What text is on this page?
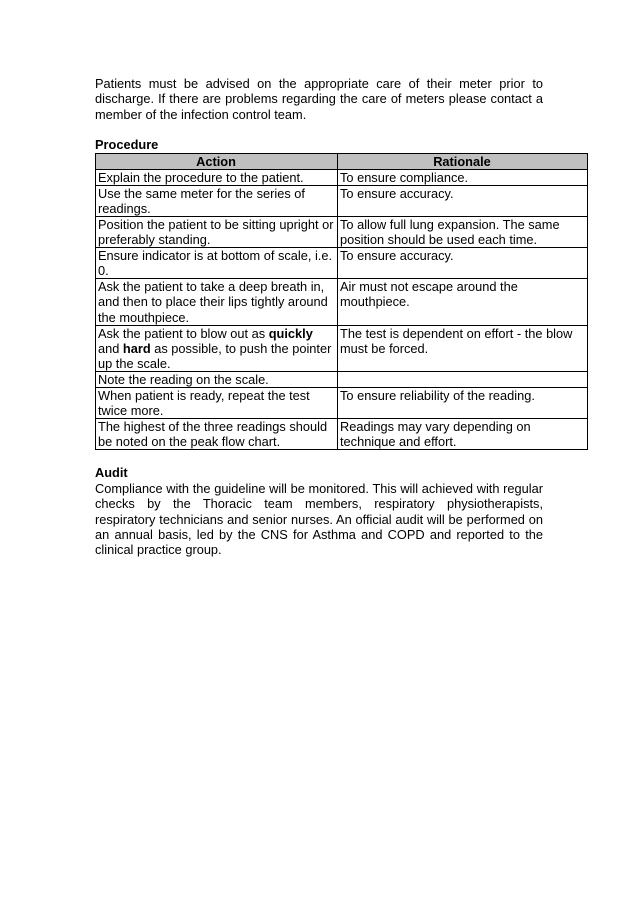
Patients must be advised on the appropriate care of their meter prior to discharge. If there are problems regarding the care of meters please contact a member of the infection control team.

Procedure
Action	Rationale
Explain the procedure to the patient.	To ensure compliance.
Use the same meter for the series of readings.	To ensure accuracy.
Position the patient to be sitting upright or preferably standing.	To allow full lung expansion. The same position should be used each time.
Ensure indicator is at bottom of scale, i.e. 0.	To ensure accuracy.
Ask the patient to take a deep breath in, and then to place their lips tightly around the mouthpiece.	Air must not escape around the mouthpiece.
Ask the patient to blow out as quickly and hard as possible, to push the pointer up the scale.	The test is dependent on effort - the blow must be forced.
Note the reading on the scale.	
When patient is ready, repeat the test twice more.	To ensure reliability of the reading.
The highest of the three readings should be noted on the peak flow chart.	Readings may vary depending on technique and effort.
Audit

Compliance with the guideline will be monitored. This will achieved with regular checks by the Thoracic team members, respiratory physiotherapists, respiratory technicians and senior nurses. An official audit will be performed on an annual basis, led by the CNS for Asthma and COPD and reported to the clinical practice group.
